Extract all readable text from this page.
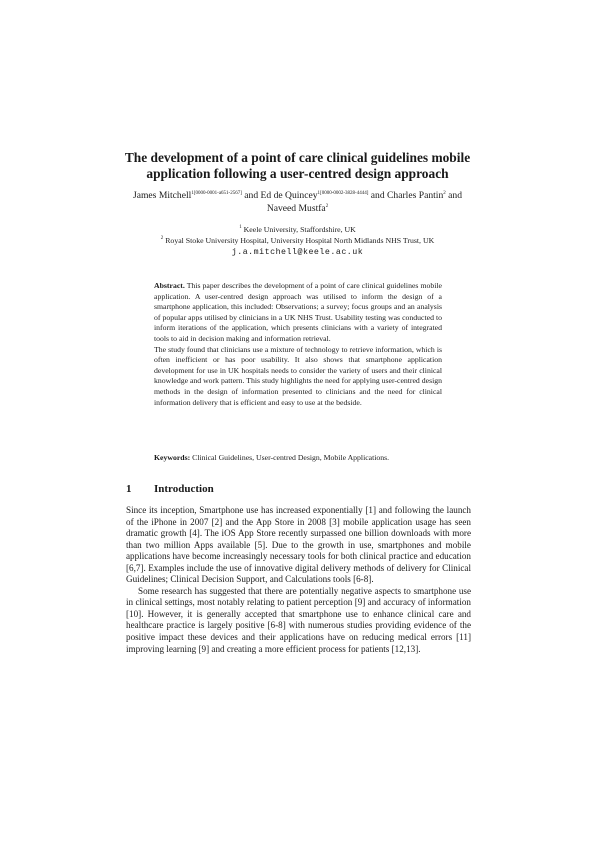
The development of a point of care clinical guidelines mobile application following a user-centred design approach

James Mitchell$^{1[0000-0001-a651-2567]}$ and Ed de Quincey$^{1[0000-0002-3828-4444]}$ and Charles Pantin$^2$ and Naveed Mustfa$^2$

$^1$ Keele University, Staffordshire, UK

$^2$ Royal Stoke University Hospital, University Hospital North Midlands NHS Trust, UK

j.a.mitchell@keele.ac.uk

Abstract. This paper describes the development of a point of care clinical guidelines mobile application. A user-centred design approach was utilised to inform the design of a smartphone application, this included: Observations; a survey; focus groups and an analysis of popular apps utilised by clinicians in a UK NHS Trust. Usability testing was conducted to inform iterations of the application, which presents clinicians with a variety of integrated tools to aid in decision making and information retrieval.

The study found that clinicians use a mixture of technology to retrieve information, which is often inefficient or has poor usability. It also shows that smartphone application development for use in UK hospitals needs to consider the variety of users and their clinical knowledge and work pattern. This study highlights the need for applying user-centred design methods in the design of information presented to clinicians and the need for clinical information delivery that is efficient and easy to use at the bedside.

Keywords: Clinical Guidelines, User-centred Design, Mobile Applications.
1 Introduction

Since its inception, Smartphone use has increased exponentially [1] and following the launch of the iPhone in 2007 [2] and the App Store in 2008 [3] mobile application usage has seen dramatic growth [4]. The iOS App Store recently surpassed one billion downloads with more than two million Apps available [5]. Due to the growth in use, smartphones and mobile applications have become increasingly necessary tools for both clinical practice and education [6,7]. Examples include the use of innovative digital delivery methods of delivery for Clinical Guidelines; Clinical Decision Support, and Calculations tools [6-8].

Some research has suggested that there are potentially negative aspects to smartphone use in clinical settings, most notably relating to patient perception [9] and accuracy of information [10]. However, it is generally accepted that smartphone use to enhance clinical care and healthcare practice is largely positive [6-8] with numerous studies providing evidence of the positive impact these devices and their applications have on reducing medical errors [11] improving learning [9] and creating a more efficient process for patients [12,13].
